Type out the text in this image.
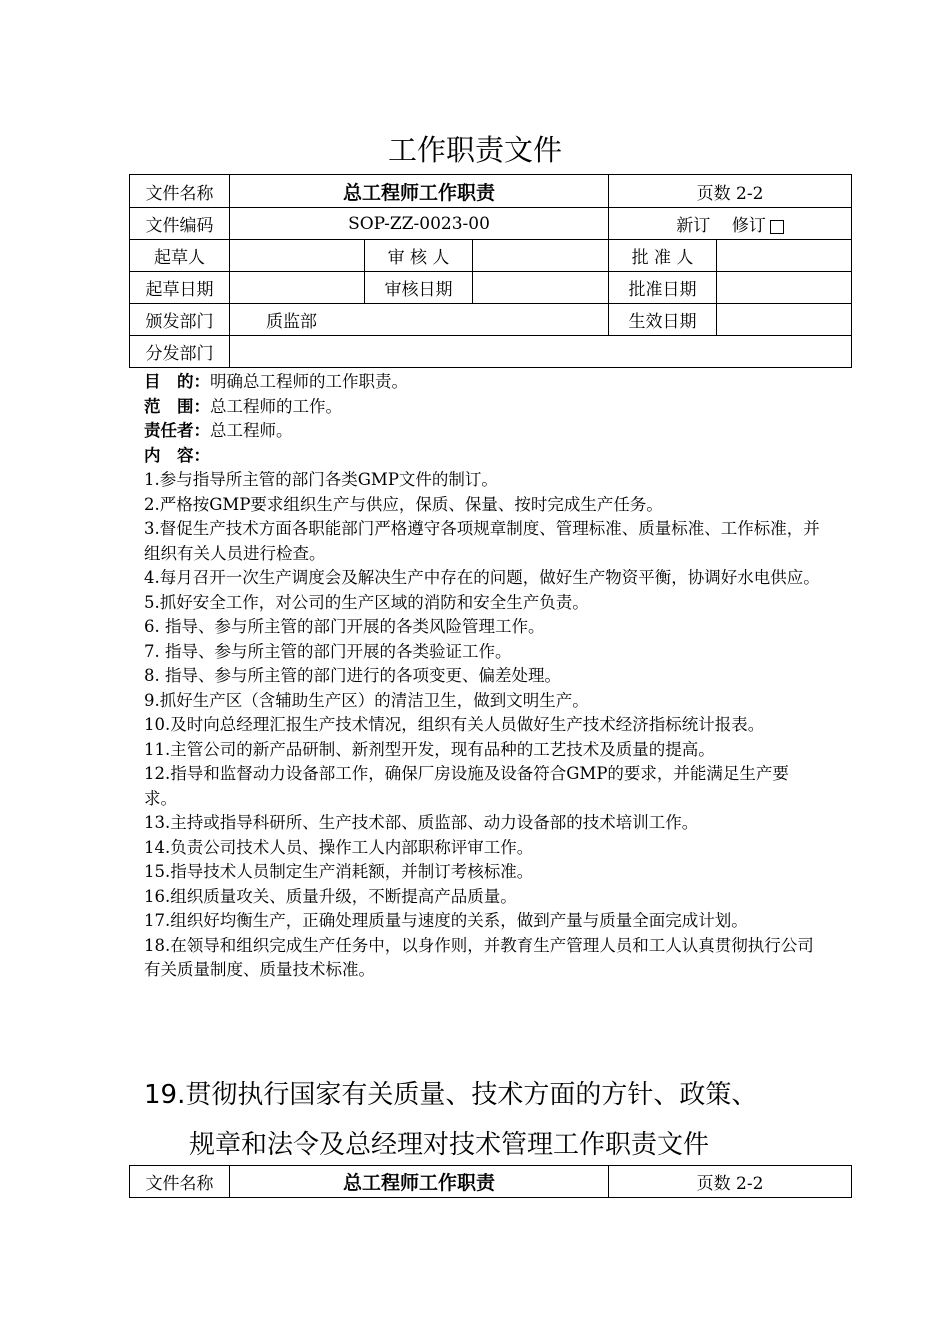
工作职责文件
文件名称	总工程师工作职责			页数 2-2	
文件编码	SOP-ZZ-0023-00			新订 修订	
起草人		审 核 人		批 准 人	
起草日期		审核日期		批准日期	
颁发部门	质监部			生效日期	
分发部门					

目　的：明确总工程师的工作职责。

范　围：总工程师的工作。

责任者：总工程师。

内　容：

1.参与指导所主管的部门各类GMP文件的制订。

2.严格按GMP要求组织生产与供应，保质、保量、按时完成生产任务。

3.督促生产技术方面各职能部门严格遵守各项规章制度、管理标准、质量标准、工作标准，并组织有关人员进行检查。

4.每月召开一次生产调度会及解决生产中存在的问题，做好生产物资平衡，协调好水电供应。

5.抓好安全工作，对公司的生产区域的消防和安全生产负责。

6. 指导、参与所主管的部门开展的各类风险管理工作。

7. 指导、参与所主管的部门开展的各类验证工作。

8. 指导、参与所主管的部门进行的各项变更、偏差处理。

9.抓好生产区（含辅助生产区）的清洁卫生，做到文明生产。

10.及时向总经理汇报生产技术情况，组织有关人员做好生产技术经济指标统计报表。

11.主管公司的新产品研制、新剂型开发，现有品种的工艺技术及质量的提高。

12.指导和监督动力设备部工作，确保厂房设施及设备符合GMP的要求，并能满足生产要求。

13.主持或指导科研所、生产技术部、质监部、动力设备部的技术培训工作。

14.负责公司技术人员、操作工人内部职称评审工作。

15.指导技术人员制定生产消耗额，并制订考核标准。

16.组织质量攻关、质量升级，不断提高产品质量。

17.组织好均衡生产，正确处理质量与速度的关系，做到产量与质量全面完成计划。

18.在领导和组织完成生产任务中，以身作则，并教育生产管理人员和工人认真贯彻执行公司有关质量制度、质量技术标准。

19.贯彻执行国家有关质量、技术方面的方针、政策、
规章和法令及总经理对技术管理工作职责文件
文件名称	总工程师工作职责	页数 2-2
